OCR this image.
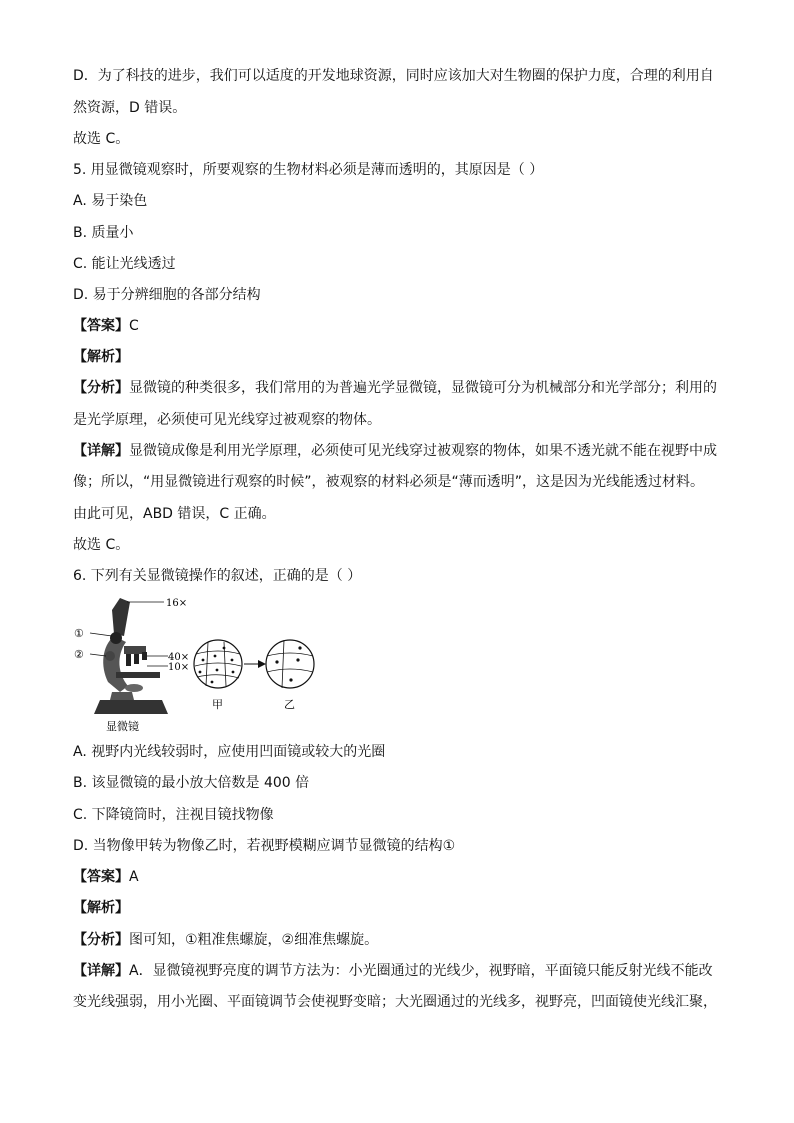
D．为了科技的进步，我们可以适度的开发地球资源，同时应该加大对生物圈的保护力度，合理的利用自
然资源，D 错误。
故选 C。
5. 用显微镜观察时，所要观察的生物材料必须是薄而透明的，其原因是（ ）
A. 易于染色
B. 质量小
C. 能让光线透过
D. 易于分辨细胞的各部分结构
【答案】C
【解析】
【分析】显微镜的种类很多，我们常用的为普遍光学显微镜，显微镜可分为机械部分和光学部分；利用的
是光学原理，必须使可见光线穿过被观察的物体。
【详解】显微镜成像是利用光学原理，必须使可见光线穿过被观察的物体，如果不透光就不能在视野中成
像；所以，“用显微镜进行观察的时候”，被观察的材料必须是“薄而透明”，这是因为光线能透过材料。
由此可见，ABD 错误，C 正确。
故选 C。
6. 下列有关显微镜操作的叙述，正确的是（ ）
16×
①
②	40×
10×
显微镜
甲	乙
A. 视野内光线较弱时，应使用凹面镜或较大的光圈
B. 该显微镜的最小放大倍数是 400 倍
C. 下降镜筒时，注视目镜找物像
D. 当物像甲转为物像乙时，若视野模糊应调节显微镜的结构①
【答案】A
【解析】
【分析】图可知，①粗准焦螺旋，②细准焦螺旋。
【详解】A．显微镜视野亮度的调节方法为：小光圈通过的光线少，视野暗，平面镜只能反射光线不能改
变光线强弱，用小光圈、平面镜调节会使视野变暗；大光圈通过的光线多，视野亮，凹面镜使光线汇聚，
